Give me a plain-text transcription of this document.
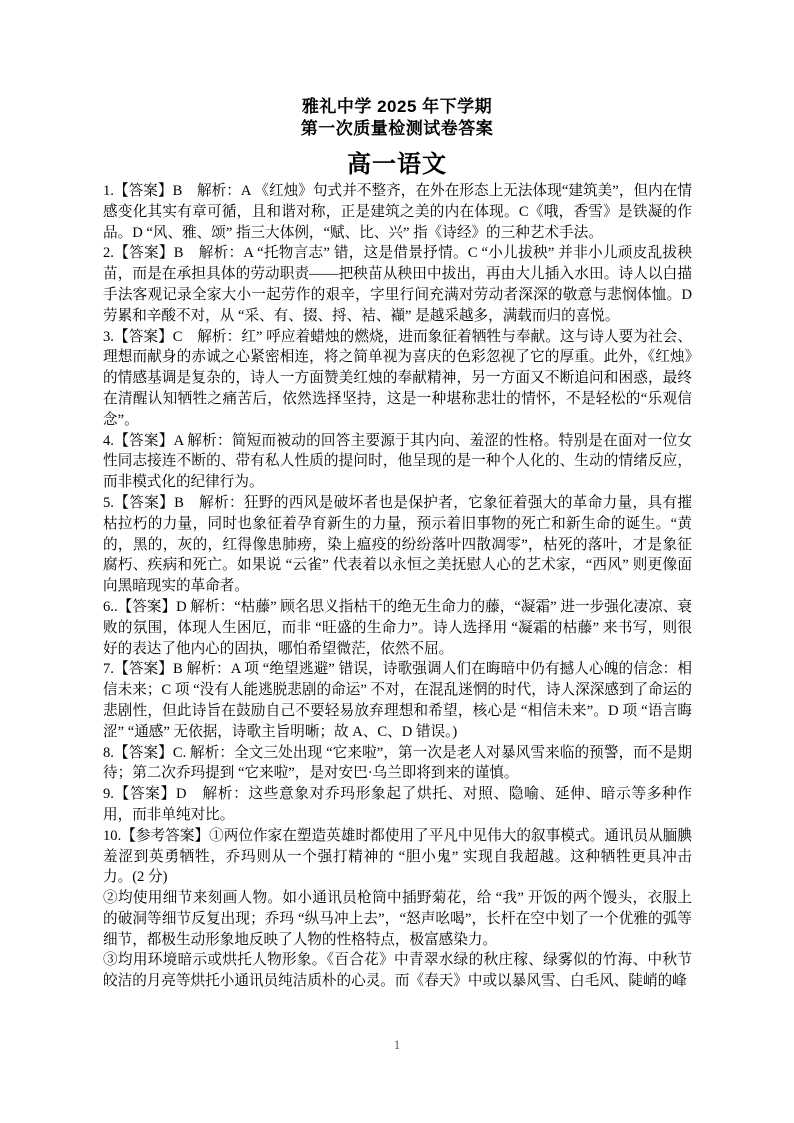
雅礼中学 2025 年下学期
第一次质量检测试卷答案
高一语文

1.【答案】B　解析：A 《红烛》句式并不整齐，在外在形态上无法体现“建筑美”，但内在情感变化其实有章可循，且和谐对称，正是建筑之美的内在体现。C《哦，香雪》是铁凝的作品。D “风、雅、颂” 指三大体例，“赋、比、兴” 指《诗经》的三种艺术手法。

2.【答案】B　解析：A “托物言志” 错，这是借景抒情。C “小儿拔秧” 并非小儿顽皮乱拔秧苗，而是在承担具体的劳动职责——把秧苗从秧田中拔出，再由大儿插入水田。诗人以白描手法客观记录全家大小一起劳作的艰辛，字里行间充满对劳动者深深的敬意与悲悯体恤。D 劳累和辛酸不对，从 “采、有、掇、捋、袺、襭” 是越采越多，满载而归的喜悦。

3.【答案】C　解析：红” 呼应着蜡烛的燃烧，进而象征着牺牲与奉献。这与诗人要为社会、理想而献身的赤诚之心紧密相连，将之简单视为喜庆的色彩忽视了它的厚重。此外，《红烛》的情感基调是复杂的，诗人一方面赞美红烛的奉献精神，另一方面又不断追问和困惑，最终在清醒认知牺牲之痛苦后，依然选择坚持，这是一种堪称悲壮的情怀，不是轻松的“乐观信念”。

4.【答案】A 解析：简短而被动的回答主要源于其内向、羞涩的性格。特别是在面对一位女性同志接连不断的、带有私人性质的提问时，他呈现的是一种个人化的、生动的情绪反应，而非模式化的纪律行为。

5.【答案】B　解析：狂野的西风是破坏者也是保护者，它象征着强大的革命力量，具有摧枯拉朽的力量，同时也象征着孕育新生的力量，预示着旧事物的死亡和新生命的诞生。“黄的，黑的，灰的，红得像患肺痨，染上瘟疫的纷纷落叶四散凋零”，枯死的落叶，才是象征腐朽、疾病和死亡。如果说 “云雀” 代表着以永恒之美抚慰人心的艺术家，“西风” 则更像面向黑暗现实的革命者。

6..【答案】D 解析：“枯藤” 顾名思义指枯干的绝无生命力的藤，“凝霜” 进一步强化凄凉、衰败的氛围，体现人生困厄，而非 “旺盛的生命力”。诗人选择用 “凝霜的枯藤” 来书写，则很好的表达了他内心的固执，哪怕希望微茫，依然不屈。

7.【答案】B 解析：A 项 “绝望逃避” 错误，诗歌强调人们在晦暗中仍有撼人心魄的信念：相信未来；C 项 “没有人能逃脱悲剧的命运” 不对，在混乱迷惘的时代，诗人深深感到了命运的悲剧性，但此诗旨在鼓励自己不要轻易放弃理想和希望，核心是 “相信未来”。D 项 “语言晦涩” “通感” 无依据，诗歌主旨明晰；故 A、C、D 错误。)

8.【答案】C. 解析：全文三处出现 “它来啦”，第一次是老人对暴风雪来临的预警，而不是期待；第二次乔玛提到 “它来啦”，是对安巴·乌兰即将到来的谨慎。

9.【答案】D　解析：这些意象对乔玛形象起了烘托、对照、隐喻、延伸、暗示等多种作用，而非单纯对比。

10.【参考答案】①两位作家在塑造英雄时都使用了平凡中见伟大的叙事模式。通讯员从腼腆羞涩到英勇牺牲，乔玛则从一个强打精神的 “胆小鬼” 实现自我超越。这种牺牲更具冲击力。(2 分)

②均使用细节来刻画人物。如小通讯员枪筒中插野菊花，给 “我” 开饭的两个馒头，衣服上的破洞等细节反复出现；乔玛 “纵马冲上去”，“怒声吆喝”，长杆在空中划了一个优雅的弧等细节，都极生动形象地反映了人物的性格特点，极富感染力。

③均用环境暗示或烘托人物形象。《百合花》中青翠水绿的秋庄稼、绿雾似的竹海、中秋节皎洁的月亮等烘托小通讯员纯洁质朴的心灵。而《春天》中或以暴风雪、白毛风、陡峭的峰

1
